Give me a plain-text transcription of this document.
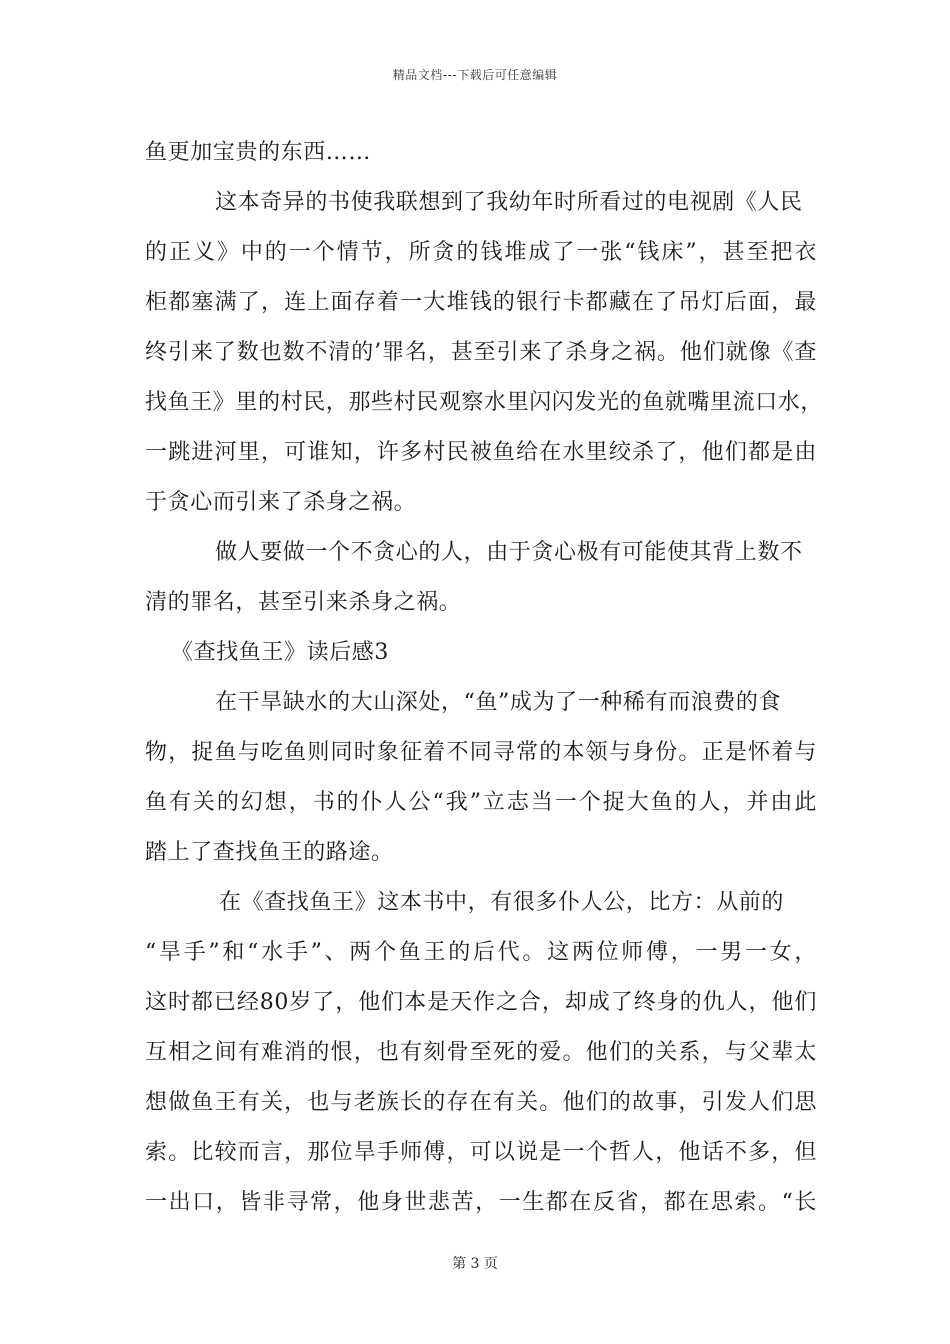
精品文档---下载后可任意编辑
鱼更加宝贵的东西……
这本奇异的书使我联想到了我幼年时所看过的电视剧《人民
的正义》中的一个情节，所贪的钱堆成了一张“钱床”，甚至把衣
柜都塞满了，连上面存着一大堆钱的银行卡都藏在了吊灯后面，最
终引来了数也数不清的’罪名，甚至引来了杀身之祸。他们就像《查
找鱼王》里的村民，那些村民观察水里闪闪发光的鱼就嘴里流口水，
一跳进河里，可谁知，许多村民被鱼给在水里绞杀了，他们都是由
于贪心而引来了杀身之祸。
做人要做一个不贪心的人，由于贪心极有可能使其背上数不
清的罪名，甚至引来杀身之祸。
《查找鱼王》读后感3
在干旱缺水的大山深处，“鱼”成为了一种稀有而浪费的食
物，捉鱼与吃鱼则同时象征着不同寻常的本领与身份。正是怀着与
鱼有关的幻想，书的仆人公“我”立志当一个捉大鱼的人，并由此
踏上了查找鱼王的路途。
在《查找鱼王》这本书中，有很多仆人公，比方：从前的
“旱手”和“水手”、两个鱼王的后代。这两位师傅，一男一女，
这时都已经80岁了，他们本是天作之合，却成了终身的仇人，他们
互相之间有难消的恨，也有刻骨至死的爱。他们的关系，与父辈太
想做鱼王有关，也与老族长的存在有关。他们的故事，引发人们思
索。比较而言，那位旱手师傅，可以说是一个哲人，他话不多，但
一出口，皆非寻常，他身世悲苦，一生都在反省，都在思索。“长
第 3 页
